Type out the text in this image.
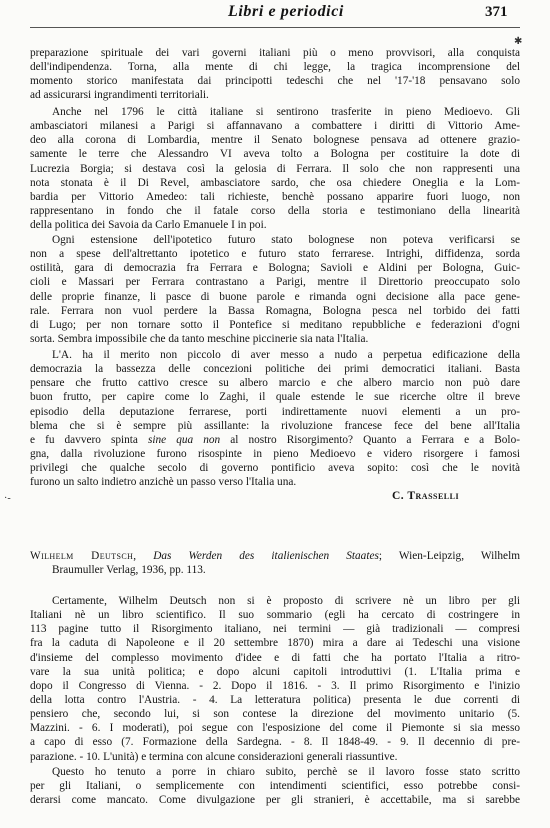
Libri e periodici	371
preparazione spirituale dei vari governi italiani più o meno provvisori, alla conquista
dell'indipendenza. Torna, alla mente di chi legge, la tragica incomprensione del
momento storico manifestata dai principotti tedeschi che nel '17-'18 pensavano solo
ad assicurarsi ingrandimenti territoriali.
Anche nel 1796 le città italiane si sentirono trasferite in pieno Medioevo. Gli
ambasciatori milanesi a Parigi si affannavano a combattere i diritti di Vittorio Ame-
deo alla corona di Lombardia, mentre il Senato bolognese pensava ad ottenere grazio-
samente le terre che Alessandro VI aveva tolto a Bologna per costituire la dote di
Lucrezia Borgia; si destava così la gelosia di Ferrara. Il solo che non rappresenti una
nota stonata è il Di Revel, ambasciatore sardo, che osa chiedere Oneglia e la Lom-
bardia per Vittorio Amedeo: tali richieste, benchè possano apparire fuori luogo, non
rappresentano in fondo che il fatale corso della storia e testimoniano della linearità
della politica dei Savoia da Carlo Emanuele I in poi.
Ogni estensione dell'ipotetico futuro stato bolognese non poteva verificarsi se
non a spese dell'altrettanto ipotetico e futuro stato ferrarese. Intrighi, diffidenza, sorda
ostilità, gara di democrazia fra Ferrara e Bologna; Savioli e Aldini per Bologna, Guic-
cioli e Massari per Ferrara contrastano a Parigi, mentre il Direttorio preoccupato solo
delle proprie finanze, li pasce di buone parole e rimanda ogni decisione alla pace gene-
rale. Ferrara non vuol perdere la Bassa Romagna, Bologna pesca nel torbido dei fatti
di Lugo; per non tornare sotto il Pontefice si meditano repubbliche e federazioni d'ogni
sorta. Sembra impossibile che da tanto meschine piccinerie sia nata l'Italia.
L'A. ha il merito non piccolo di aver messo a nudo a perpetua edificazione della
democrazia la bassezza delle concezioni politiche dei primi democratici italiani. Basta
pensare che frutto cattivo cresce su albero marcio e che albero marcio non può dare
buon frutto, per capire come lo Zaghi, il quale estende le sue ricerche oltre il breve
episodio della deputazione ferrarese, porti indirettamente nuovi elementi a un pro-
blema che si è sempre più assillante: la rivoluzione francese fece del bene all'Italia
e fu davvero spinta sine qua non al nostro Risorgimento? Quanto a Ferrara e a Bolo-
gna, dalla rivoluzione furono risospinte in pieno Medioevo e videro risorgere i famosi
privilegi che qualche secolo di governo pontificio aveva sopito: così che le novità
furono un salto indietro anzichè un passo verso l'Italia una.
C. Trasselli
Wilhelm Deutsch, Das Werden des italienischen Staates; Wien-Leipzig, Wilhelm
Braumuller Verlag, 1936, pp. 113.
Certamente, Wilhelm Deutsch non si è proposto di scrivere nè un libro per gli
Italiani nè un libro scientifico. Il suo sommario (egli ha cercato di costringere in
113 pagine tutto il Risorgimento italiano, nei termini — già tradizionali — compresi
fra la caduta di Napoleone e il 20 settembre 1870) mira a dare ai Tedeschi una visione
d'insieme del complesso movimento d'idee e di fatti che ha portato l'Italia a ritro-
vare la sua unità politica; e dopo alcuni capitoli introduttivi (1. L'Italia prima e
dopo il Congresso di Vienna. - 2. Dopo il 1816. - 3. Il primo Risorgimento e l'inizio
della lotta contro l'Austria. - 4. La letteratura politica) presenta le due correnti di
pensiero che, secondo lui, si son contese la direzione del movimento unitario (5.
Mazzini. - 6. I moderati), poi segue con l'esposizione del come il Piemonte si sia messo
a capo di esso (7. Formazione della Sardegna. - 8. Il 1848-49. - 9. Il decennio di pre-
parazione. - 10. L'unità) e termina con alcune considerazioni generali riassuntive.
Questo ho tenuto a porre in chiaro subito, perchè se il lavoro fosse stato scritto
per gli Italiani, o semplicemente con intendimenti scientifici, esso potrebbe consi-
derarsi come mancato. Come divulgazione per gli stranieri, è accettabile, ma si sarebbe
✱
·-
